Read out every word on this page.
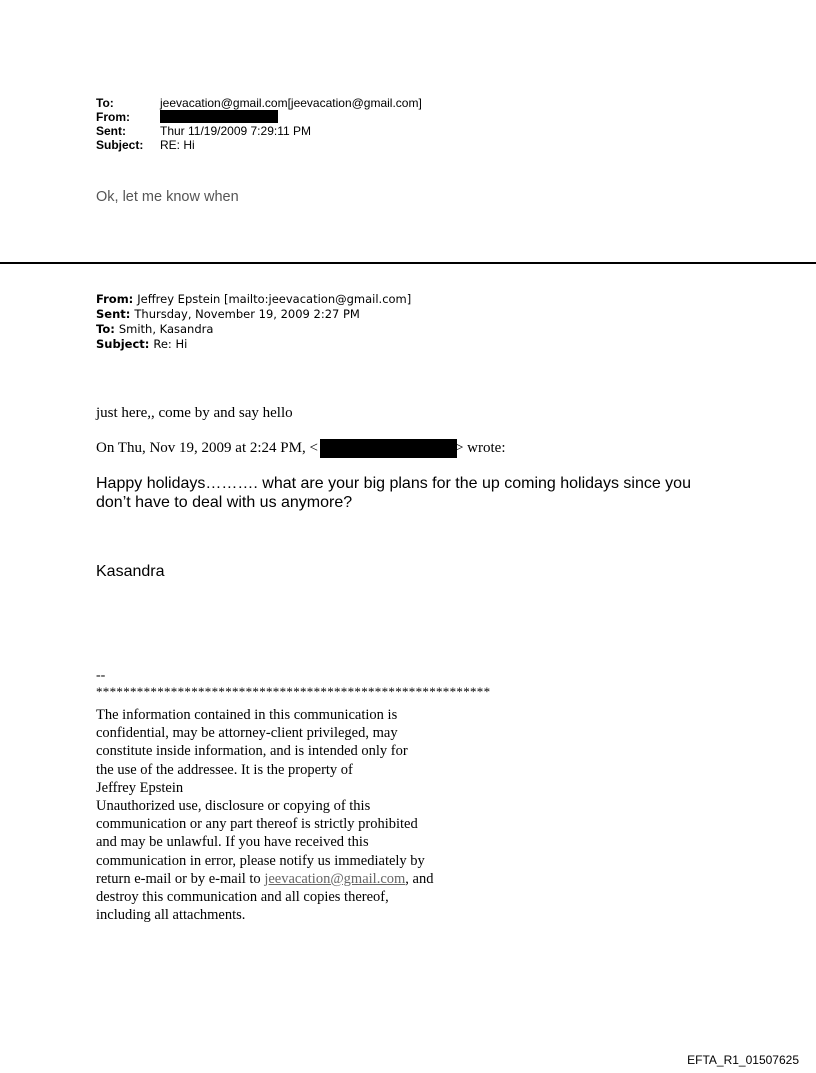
To:	jeevacation@gmail.com[jeevacation@gmail.com]
From:
Sent:	Thur 11/19/2009 7:29:11 PM
Subject:	RE: Hi
Ok, let me know when
From: Jeffrey Epstein [mailto:jeevacation@gmail.com]
Sent: Thursday, November 19, 2009 2:27 PM
To: Smith, Kasandra
Subject: Re: Hi
just here,, come by and say hello
On Thu, Nov 19, 2009 at 2:24 PM, <	> wrote:
Happy holidays………. what are your big plans for the up coming holidays since you
don’t have to deal with us anymore?
Kasandra
--
**********************************************************
The information contained in this communication is
confidential, may be attorney-client privileged, may
constitute inside information, and is intended only for
the use of the addressee. It is the property of
Jeffrey Epstein
Unauthorized use, disclosure or copying of this
communication or any part thereof is strictly prohibited
and may be unlawful. If you have received this
communication in error, please notify us immediately by
return e-mail or by e-mail to jeevacation@gmail.com, and
destroy this communication and all copies thereof,
including all attachments.
EFTA_R1_01507625
